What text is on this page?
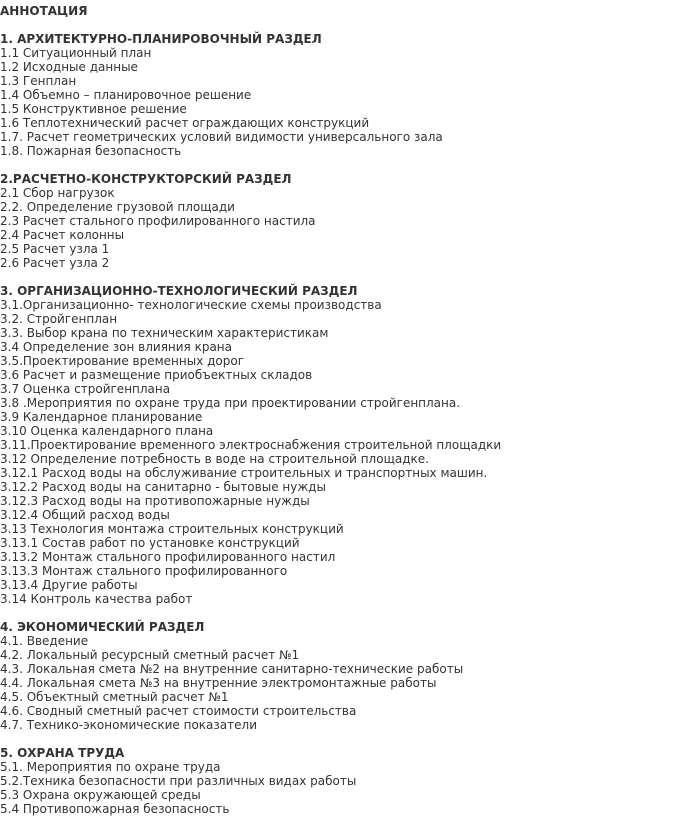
АННОТАЦИЯ
1. АРХИТЕКТУРНО-ПЛАНИРОВОЧНЫЙ РАЗДЕЛ
1.1 Ситуационный план
1.2 Исходные данные
1.3 Генплан
1.4 Объемно – планировочное решение
1.5 Конструктивное решение
1.6 Теплотехнический расчет ограждающих конструкций
1.7. Расчет геометрических условий видимости универсального зала
1.8. Пожарная безопасность
2.РАСЧЕТНО-КОНСТРУКТОРСКИЙ РАЗДЕЛ
2.1 Сбор нагрузок
2.2. Определение грузовой площади
2.3 Расчет стального профилированного настила
2.4 Расчет колонны
2.5 Расчет узла 1
2.6 Расчет узла 2
3. ОРГАНИЗАЦИОННО-ТЕХНОЛОГИЧЕСКИЙ РАЗДЕЛ
3.1.Организационно- технологические схемы производства
3.2. Стройгенплан
3.3. Выбор крана по техническим характеристикам
3.4 Определение зон влияния крана
3.5.Проектирование временных дорог
3.6 Расчет и размещение приобъектных складов
3.7 Оценка стройгенплана
3.8 .Мероприятия по охране труда при проектировании стройгенплана.
3.9 Календарное планирование
3.10 Оценка календарного плана
3.11.Проектирование временного электроснабжения строительной площадки
3.12 Определение потребность в воде на строительной площадке.
3.12.1 Расход воды на обслуживание строительных и транспортных машин.
3.12.2 Расход воды на санитарно - бытовые нужды
3.12.3 Расход воды на противопожарные нужды
3.12.4 Общий расход воды
3.13 Технология монтажа строительных конструкций
3.13.1 Состав работ по установке конструкций
3.13.2 Монтаж стального профилированного настил
3.13.3 Монтаж стального профилированного
3.13.4 Другие работы
3.14 Контроль качества работ
4. ЭКОНОМИЧЕСКИЙ РАЗДЕЛ
4.1. Введение
4.2. Локальный ресурсный сметный расчет №1
4.3. Локальная смета №2 на внутренние санитарно-технические работы
4.4. Локальная смета №3 на внутренние электромонтажные работы
4.5. Объектный сметный расчет №1
4.6. Сводный сметный расчет стоимости строительства
4.7. Технико-экономические показатели
5. ОХРАНА ТРУДА
5.1. Мероприятия по охране труда
5.2.Техника безопасности при различных видах работы
5.3 Охрана окружающей среды
5.4 Противопожарная безопасность
